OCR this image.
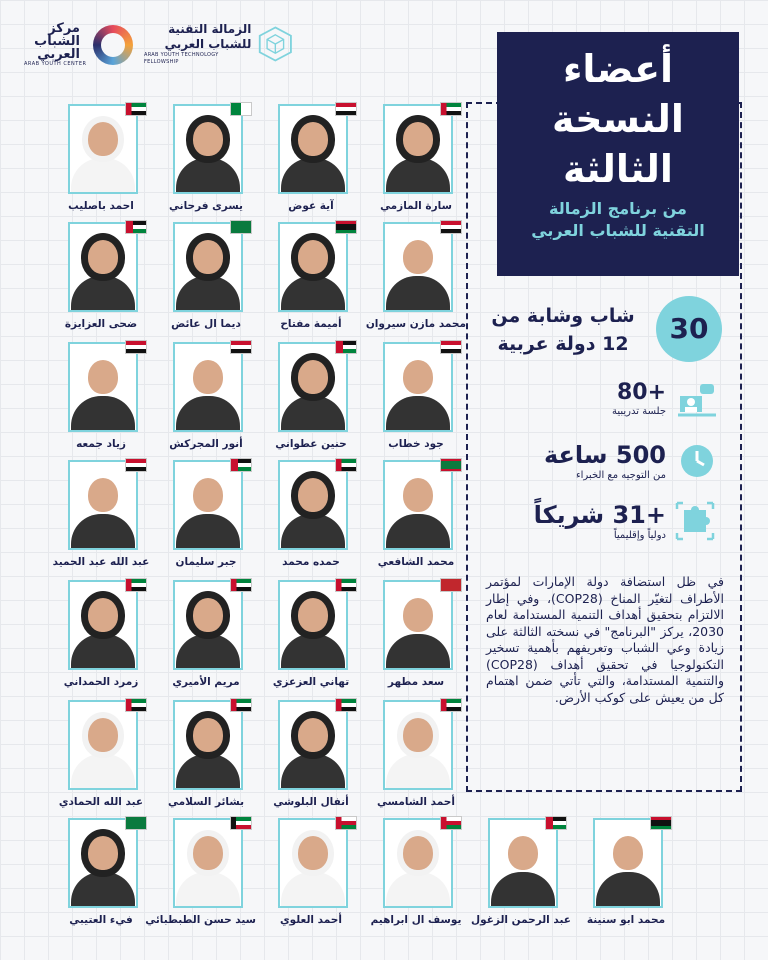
مركز الشباب العربي
ARAB YOUTH CENTER
الزمالة التقنية
للشباب العربي
ARAB YOUTH TECHNOLOGY FELLOWSHIP	أعضاء
النسخة
الثالثة
من برنامج الزمالة
التقنية للشباب العربي
30
شاب وشابة من
12 دولة عربية
+80
جلسة تدريبية
500 ساعة
من التوجيه مع الخبراء
+31 شريكاً
دولياً وإقليمياً
في ظل استضافة دولة الإمارات لمؤتمر الأطراف لتغيّر المناخ (COP28)، وفي إطار الالتزام بتحقيق أهداف التنمية المستدامة لعام 2030، يركز "البرنامج" في نسخته الثالثة على زيادة وعي الشباب وتعريفهم بأهمية تسخير التكنولوجيا في تحقيق أهداف (COP28) والتنمية المستدامة، والتي تأتي ضمن اهتمام كل من يعيش على كوكب الأرض.
سارة المازمي
آية عوض
يسرى فرحاني
احمد باصليب
محمد مازن سيروان
أميمة مفتاح
ديما ال عائض
ضحى العزايزة
جود خطاب
حنين عطواني
أنور المجركش
زياد جمعه
محمد الشافعي
حمده محمد
جبر سليمان
عبد الله عبد الحميد
سعد مطهر
تهاني العزعزي
مريم الأميري
زمرد الحمداني
أحمد الشامسي
أنفال البلوشي
بشائر السلامي
عبد الله الحمادي
محمد ابو سنينة
عبد الرحمن الزغول
يوسف ال ابراهيم
أحمد العلوي
سيد حسن الطبطبائي
فيء العتيبي
